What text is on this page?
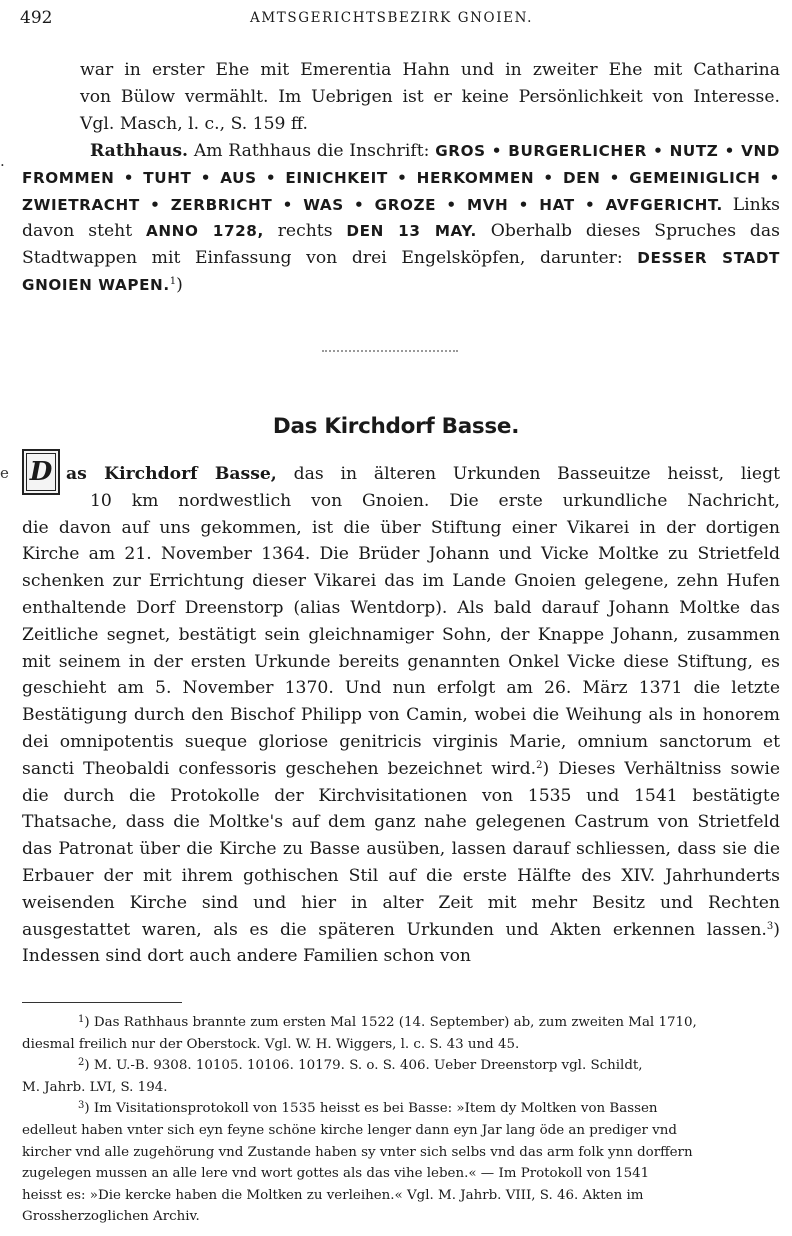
492	AMTSGERICHTSBEZIRK GNOIEN.
.
e

war in erster Ehe mit Emerentia Hahn und in zweiter Ehe mit Catharina

von Bülow vermählt. Im Uebrigen ist er keine Persönlichkeit von Interesse.

Vgl. Masch, l. c., S. 159 ff.

Rathhaus. Am Rathhaus die Inschrift: GROS • BURGERLICHER • NUTZ • VND FROMMEN • TUHT • AUS • EINICHKEIT • HERKOMMEN • DEN • GEMEINIGLICH • ZWIETRACHT • ZERBRICHT • WAS • GROZE • MVH • HAT • AVFGERICHT. Links davon steht ANNO 1728, rechts DEN 13 MAY. Oberhalb dieses Spruches das Stadtwappen mit Einfassung von drei Engelsköpfen, darunter: DESSER STADT GNOIEN WAPEN.$^1$)

Das Kirchdorf Basse.
D as Kirchdorf Basse, das in älteren Urkunden Basseuitze heisst, liegt

10 km nordwestlich von Gnoien. Die erste urkundliche Nachricht,

die davon auf uns gekommen, ist die über Stiftung einer Vikarei in der dortigen Kirche am 21. November 1364. Die Brüder Johann und Vicke Moltke zu Strietfeld schenken zur Errichtung dieser Vikarei das im Lande Gnoien gelegene, zehn Hufen enthaltende Dorf Dreenstorp (alias Wentdorp). Als bald darauf Johann Moltke das Zeitliche segnet, bestätigt sein gleichnamiger Sohn, der Knappe Johann, zusammen mit seinem in der ersten Urkunde bereits genannten Onkel Vicke diese Stiftung, es geschieht am 5. November 1370. Und nun erfolgt am 26. März 1371 die letzte Bestätigung durch den Bischof Philipp von Camin, wobei die Weihung als in honorem dei omnipotentis sueque gloriose genitricis virginis Marie, omnium sanctorum et sancti Theobaldi confessoris geschehen bezeichnet wird.$^2$) Dieses Verhältniss sowie die durch die Protokolle der Kirchvisitationen von 1535 und 1541 bestätigte Thatsache, dass die Moltke's auf dem ganz nahe gelegenen Castrum von Strietfeld das Patronat über die Kirche zu Basse ausüben, lassen darauf schliessen, dass sie die Erbauer der mit ihrem gothischen Stil auf die erste Hälfte des XIV. Jahrhunderts weisenden Kirche sind und hier in alter Zeit mit mehr Besitz und Rechten ausgestattet waren, als es die späteren Urkunden und Akten erkennen lassen.$^3$) Indessen sind dort auch andere Familien schon von

$^1$) Das Rathhaus brannte zum ersten Mal 1522 (14. September) ab, zum zweiten Mal 1710,

diesmal freilich nur der Oberstock. Vgl. W. H. Wiggers, l. c. S. 43 und 45.

$^2$) M. U.-B. 9308. 10105. 10106. 10179. S. o. S. 406. Ueber Dreenstorp vgl. Schildt,

M. Jahrb. LVI, S. 194.

$^3$) Im Visitationsprotokoll von 1535 heisst es bei Basse: »Item dy Moltken von Bassen

edelleut haben vnter sich eyn feyne schöne kirche lenger dann eyn Jar lang öde an prediger vnd

kircher vnd alle zugehörung vnd Zustande haben sy vnter sich selbs vnd das arm folk ynn dorffern

zugelegen mussen an alle lere vnd wort gottes als das vihe leben.« — Im Protokoll von 1541

heisst es: »Die kercke haben die Moltken zu verleihen.« Vgl. M. Jahrb. VIII, S. 46. Akten im

Grossherzoglichen Archiv.
